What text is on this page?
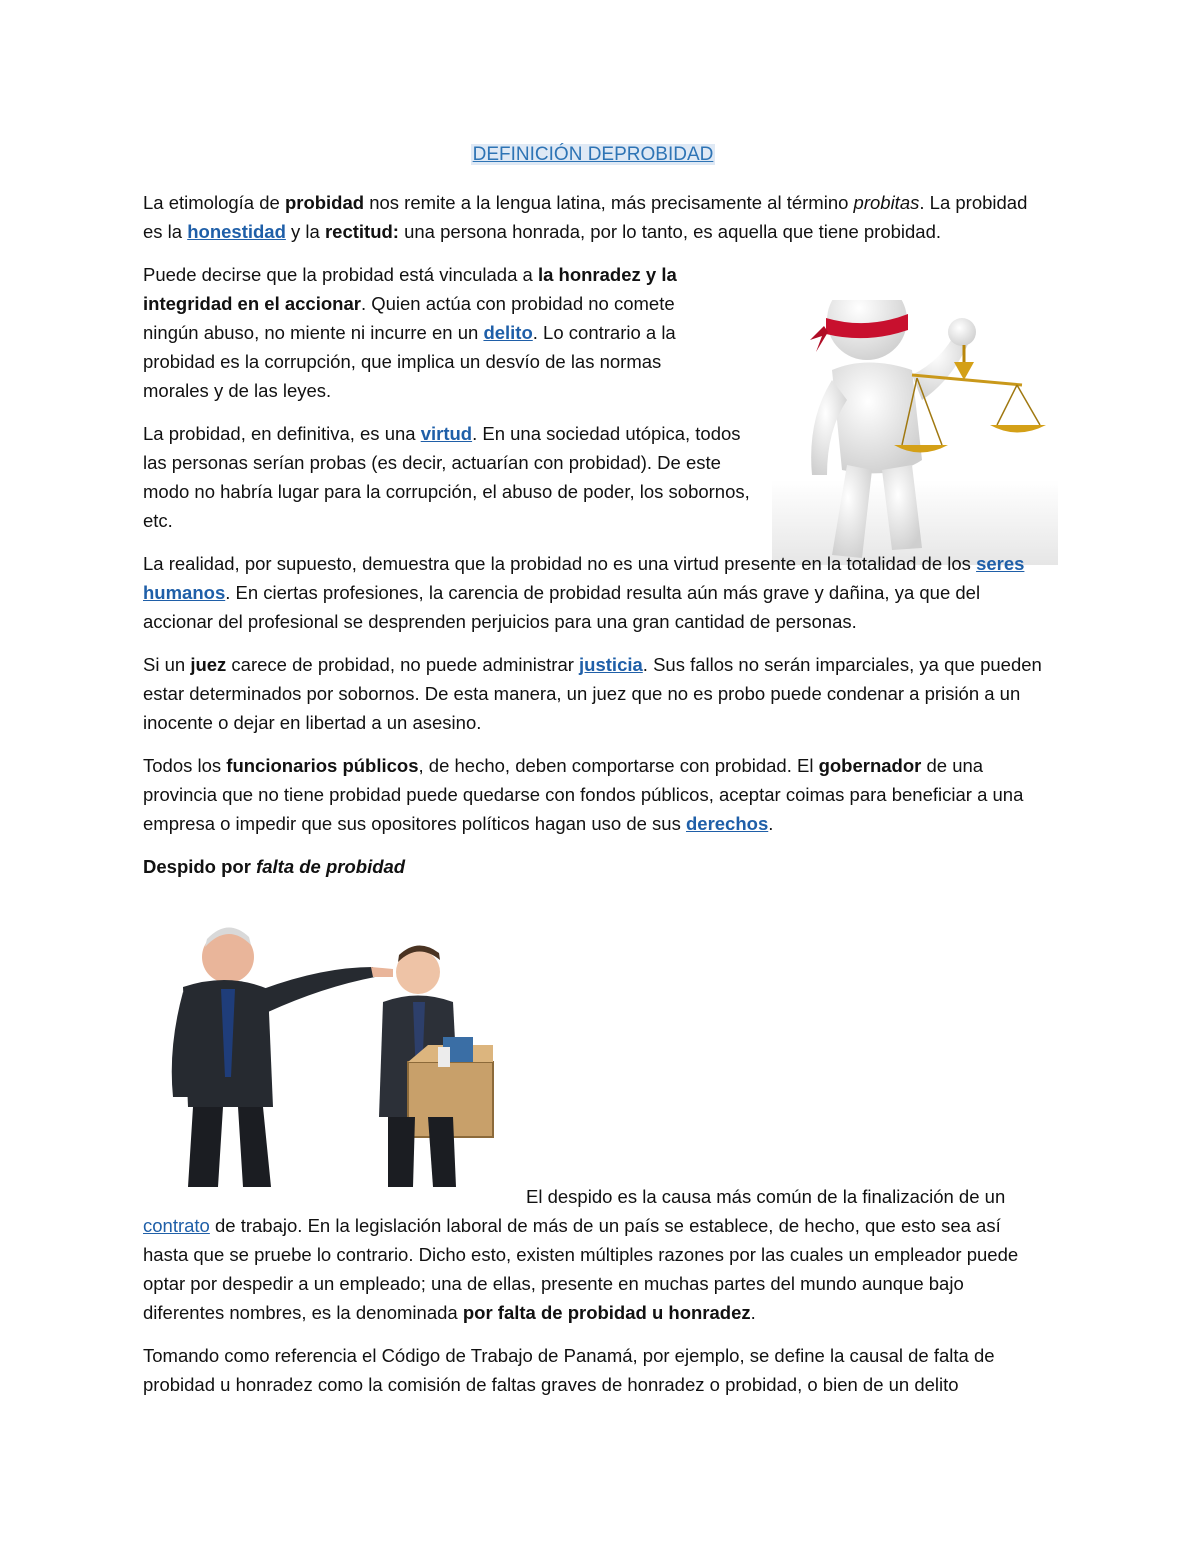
DEFINICIÓN DEPROBIDAD

La etimología de probidad nos remite a la lengua latina, más precisamente al término probitas. La probidad es la honestidad y la rectitud: una persona honrada, por lo tanto, es aquella que tiene probidad.

Puede decirse que la probidad está vinculada a la honradez y la integridad en el accionar. Quien actúa con probidad no comete ningún abuso, no miente ni incurre en un delito. Lo contrario a la probidad es la corrupción, que implica un desvío de las normas morales y de las leyes.

La probidad, en definitiva, es una virtud. En una sociedad utópica, todos las personas serían probas (es decir, actuarían con probidad). De este modo no habría lugar para la corrupción, el abuso de poder, los sobornos, etc.

La realidad, por supuesto, demuestra que la probidad no es una virtud presente en la totalidad de los seres humanos. En ciertas profesiones, la carencia de probidad resulta aún más grave y dañina, ya que del accionar del profesional se desprenden perjuicios para una gran cantidad de personas.

Si un juez carece de probidad, no puede administrar justicia. Sus fallos no serán imparciales, ya que pueden estar determinados por sobornos. De esta manera, un juez que no es probo puede condenar a prisión a un inocente o dejar en libertad a un asesino.

Todos los funcionarios públicos, de hecho, deben comportarse con probidad. El gobernador de una provincia que no tiene probidad puede quedarse con fondos públicos, aceptar coimas para beneficiar a una empresa o impedir que sus opositores políticos hagan uso de sus derechos.

Despido por falta de probidad

El despido es la causa más común de la finalización de un contrato de trabajo. En la legislación laboral de más de un país se establece, de hecho, que esto sea así hasta que se pruebe lo contrario. Dicho esto, existen múltiples razones por las cuales un empleador puede optar por despedir a un empleado; una de ellas, presente en muchas partes del mundo aunque bajo diferentes nombres, es la denominada por falta de probidad u honradez.

Tomando como referencia el Código de Trabajo de Panamá, por ejemplo, se define la causal de falta de probidad u honradez como la comisión de faltas graves de honradez o probidad, o bien de un delito
